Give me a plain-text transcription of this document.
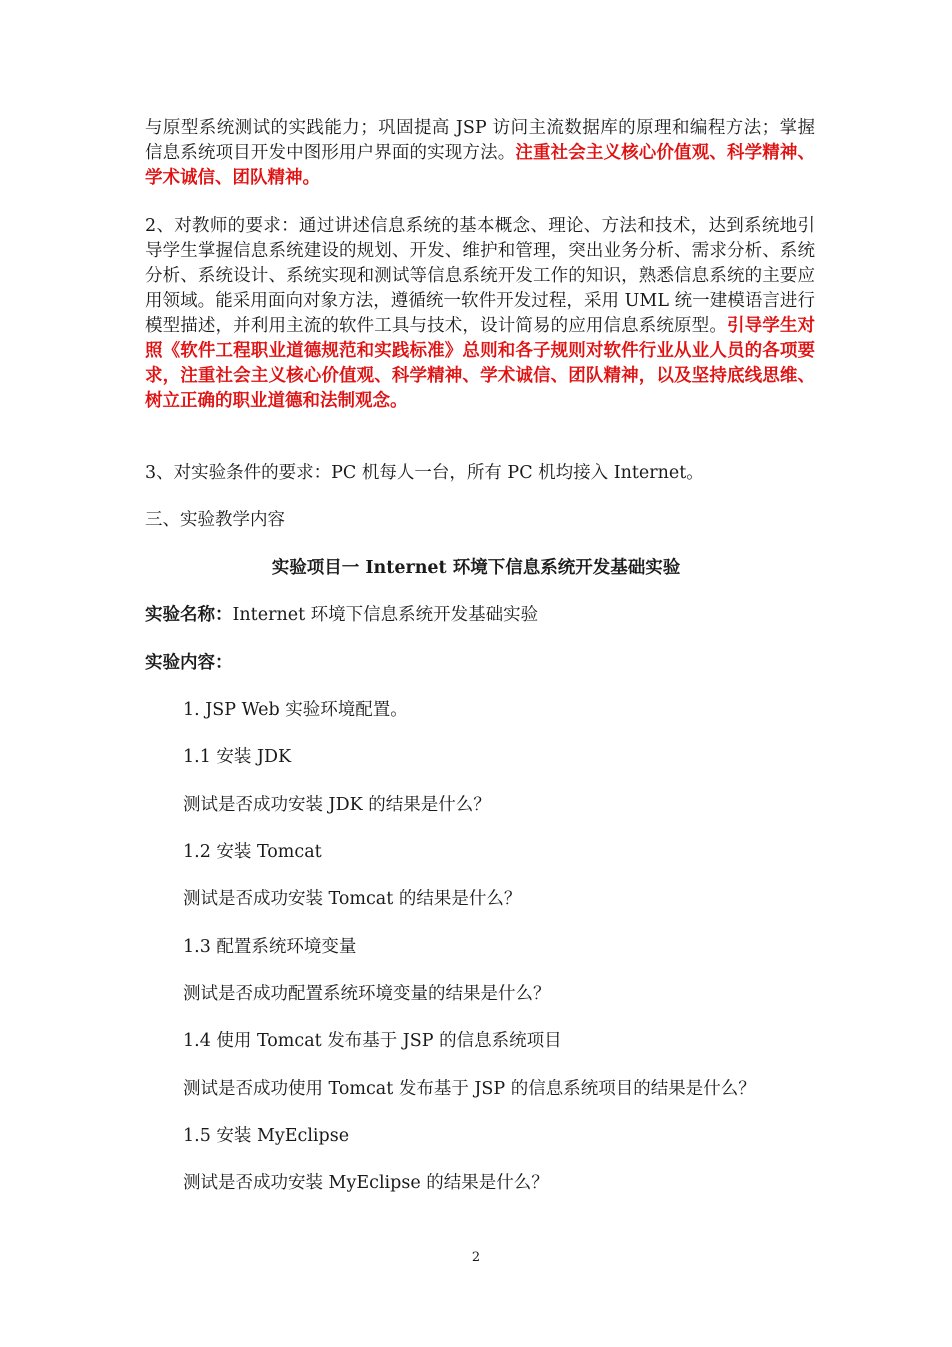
与原型系统测试的实践能力；巩固提高 JSP 访问主流数据库的原理和编程方法；掌握信息系统项目开发中图形用户界面的实现方法。注重社会主义核心价值观、科学精神、学术诚信、团队精神。

2、对教师的要求：通过讲述信息系统的基本概念、理论、方法和技术，达到系统地引导学生掌握信息系统建设的规划、开发、维护和管理，突出业务分析、需求分析、系统分析、系统设计、系统实现和测试等信息系统开发工作的知识，熟悉信息系统的主要应用领域。能采用面向对象方法，遵循统一软件开发过程，采用 UML 统一建模语言进行模型描述，并利用主流的软件工具与技术，设计简易的应用信息系统原型。引导学生对照《软件工程职业道德规范和实践标准》总则和各子规则对软件行业从业人员的各项要求，注重社会主义核心价值观、科学精神、学术诚信、团队精神，以及坚持底线思维、树立正确的职业道德和法制观念。

3、对实验条件的要求：PC 机每人一台，所有 PC 机均接入 Internet。

三、实验教学内容

实验项目一 Internet 环境下信息系统开发基础实验

实验名称：Internet 环境下信息系统开发基础实验

实验内容：

1. JSP Web 实验环境配置。

1.1 安装 JDK

测试是否成功安装 JDK 的结果是什么？

1.2 安装 Tomcat

测试是否成功安装 Tomcat 的结果是什么？

1.3 配置系统环境变量

测试是否成功配置系统环境变量的结果是什么？

1.4 使用 Tomcat 发布基于 JSP 的信息系统项目

测试是否成功使用 Tomcat 发布基于 JSP 的信息系统项目的结果是什么？

1.5 安装 MyEclipse

测试是否成功安装 MyEclipse 的结果是什么？

2
